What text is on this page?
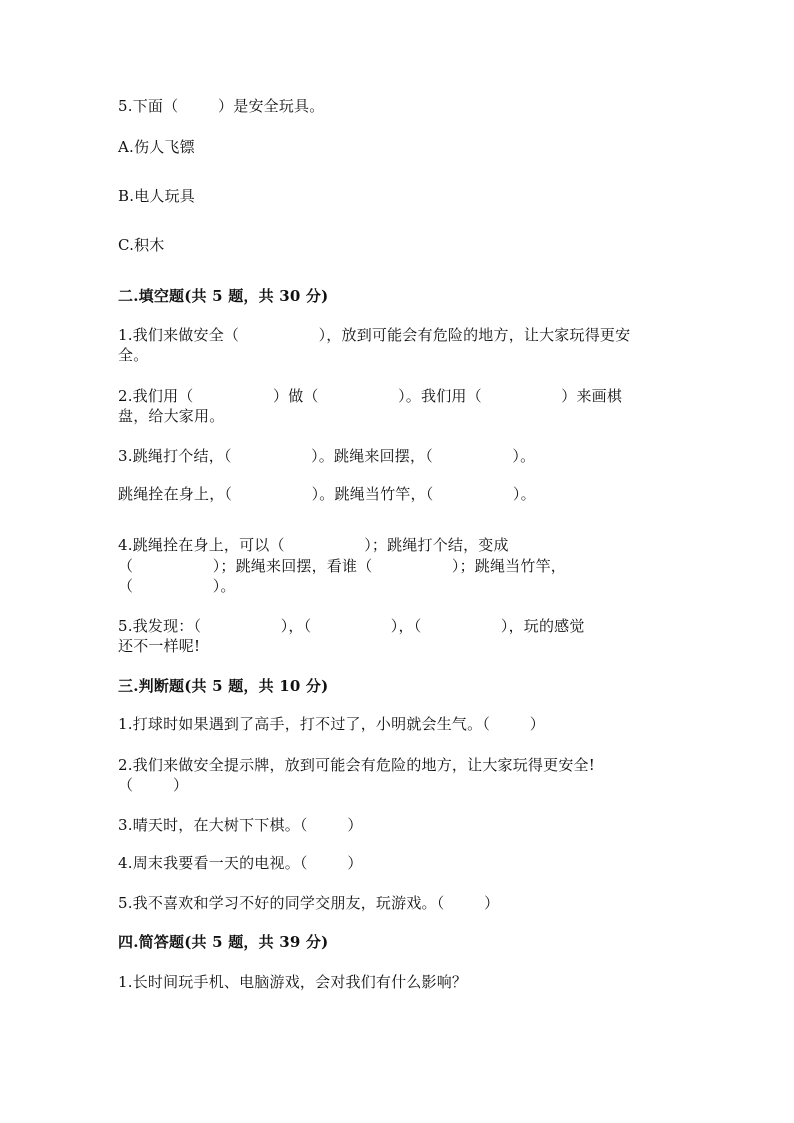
5.下面（        ）是安全玩具。
A.伤人飞镖
B.电人玩具
C.积木
二.填空题(共 5 题，共 30 分)
1.我们来做安全（                ），放到可能会有危险的地方，让大家玩得更安
全。
2.我们用（                ）做（                ）。我们用（                ）来画棋
盘，给大家用。
3.跳绳打个结，（                ）。跳绳来回摆，（                ）。
跳绳拴在身上，（                ）。跳绳当竹竿，（                ）。
4.跳绳拴在身上，可以（                ）；跳绳打个结，变成
（                ）；跳绳来回摆，看谁（                ）；跳绳当竹竿，
（                ）。
5.我发现：（                ），（                ），（                ），玩的感觉
还不一样呢!
三.判断题(共 5 题，共 10 分)
1.打球时如果遇到了高手，打不过了，小明就会生气。（        ）
2.我们来做安全提示牌，放到可能会有危险的地方，让大家玩得更安全!
（        ）
3.晴天时，在大树下下棋。（        ）
4.周末我要看一天的电视。（        ）
5.我不喜欢和学习不好的同学交朋友，玩游戏。（        ）
四.简答题(共 5 题，共 39 分)
1.长时间玩手机、电脑游戏，会对我们有什么影响？
